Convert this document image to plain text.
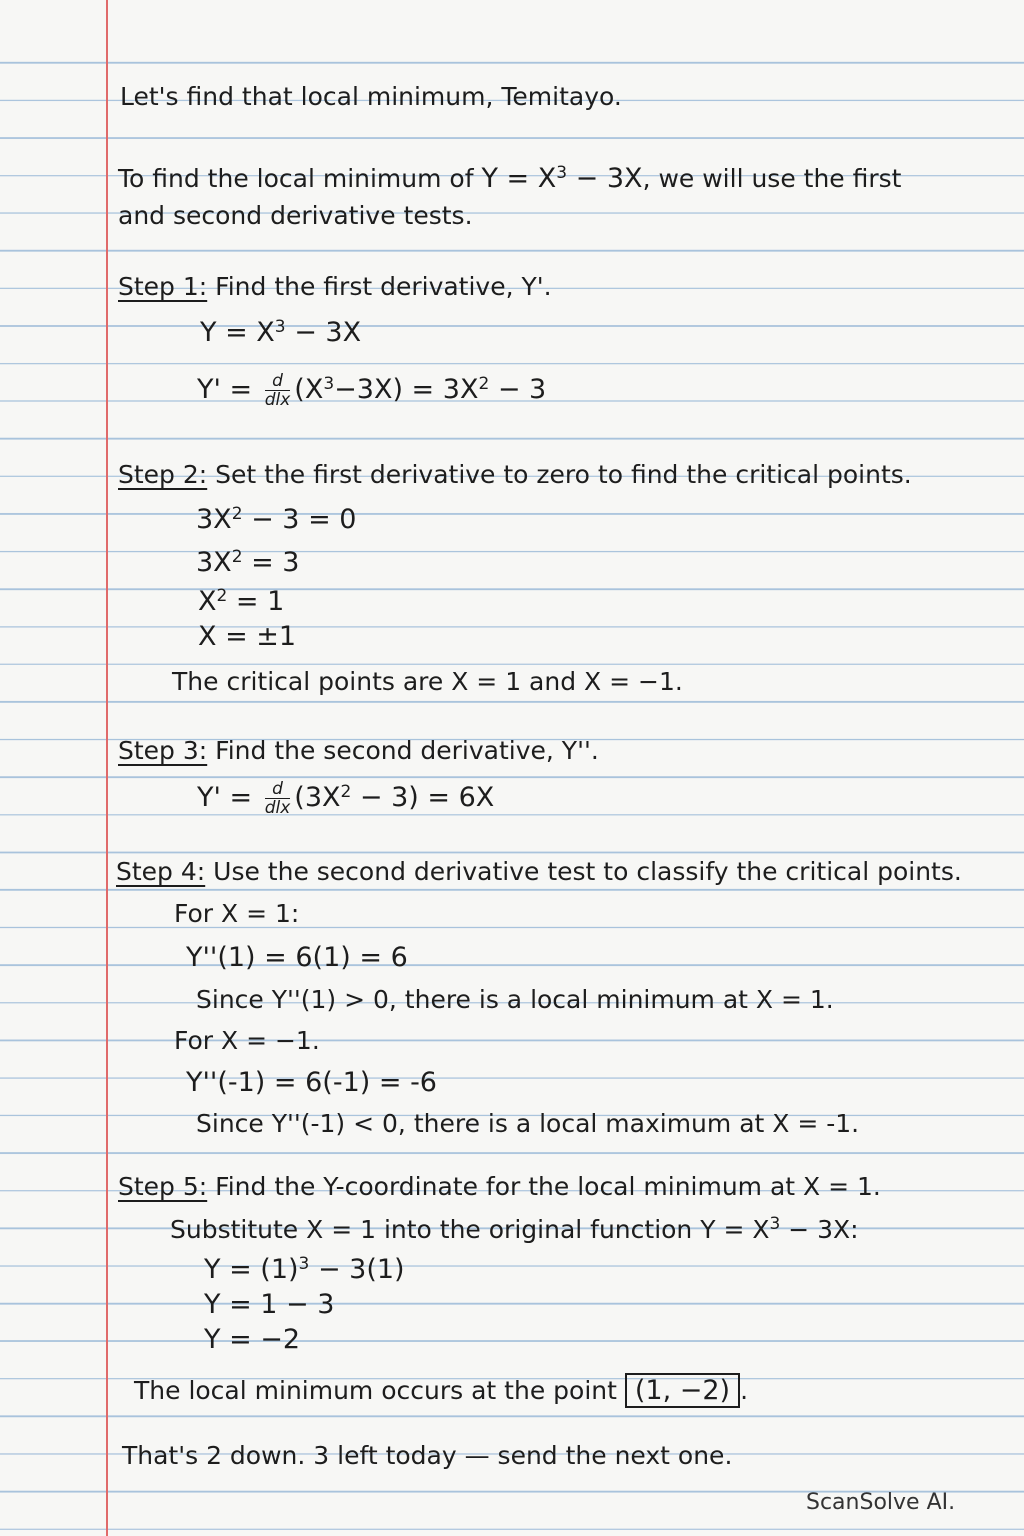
Let's find that local minimum, Temitayo.
To find the local minimum of $Y = X^3 - 3X$, we will use the first
and second derivative tests.
Step 1: Find the first derivative, Y'.
$Y = X^3 - 3X$
$Y' = \frac{d}{\text{dlx}} (X^3-3X) = 3X^2 - 3$
Step 2: Set the first derivative to zero to find the critical points.
$3X^2 - 3 = 0$
$3X^2 = 3$
$X^2 = 1$
X = ±1
The critical points are X = 1 and X = −1.
Step 3: Find the second derivative, Y''.
$Y' = \frac{d}{\text{dlx}} (3X^2 - 3) = 6X$
Step 4: Use the second derivative test to classify the critical points.
For X = 1:
Y''(1) = 6(1) = 6
Since Y''(1) > 0, there is a local minimum at X = 1.
For X = −1.
Y''(-1) = 6(-1) = -6
Since Y''(-1) < 0, there is a local maximum at X = -1.
Step 5: Find the Y-coordinate for the local minimum at X = 1.
Substitute X = 1 into the original function $Y = X^3 - 3X$:
$Y = (1)^3 - 3(1)$
Y = 1 − 3
Y = −2
The local minimum occurs at the point (1, −2) .
That's 2 down. 3 left today — send the next one.
ScanSolve AI.
